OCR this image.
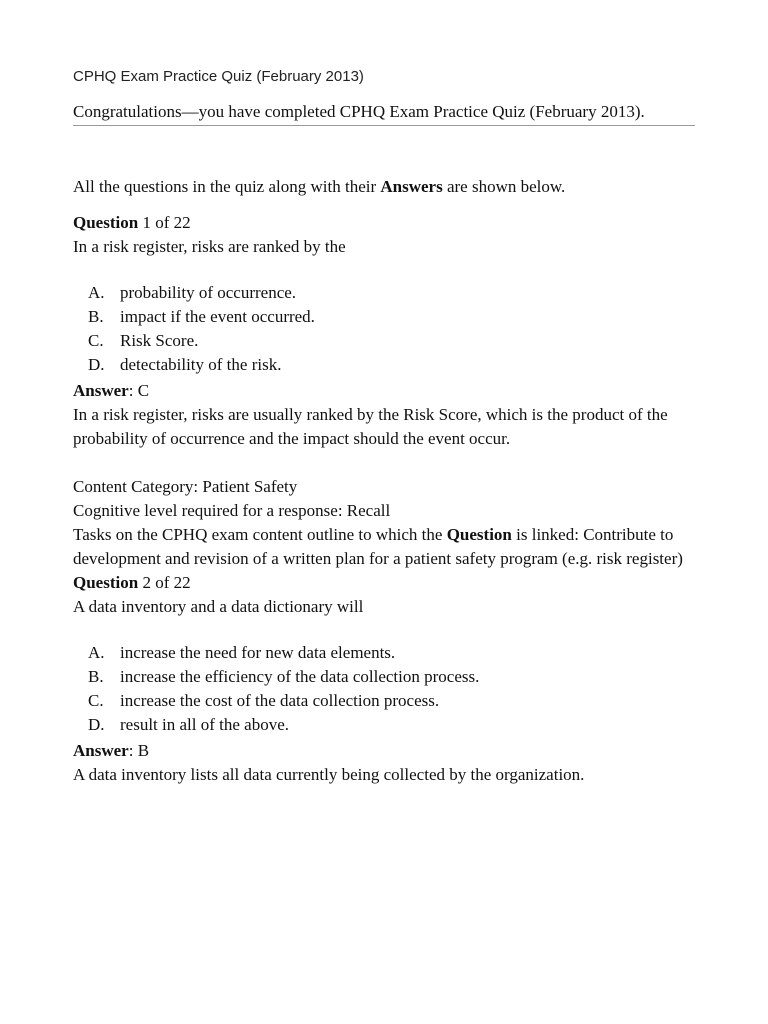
CPHQ Exam Practice Quiz (February 2013)

Congratulations—you have completed CPHQ Exam Practice Quiz (February 2013).

All the questions in the quiz along with their Answers are shown below.

Question 1 of 22

In a risk register, risks are ranked by the

A. probability of occurrence.
B. impact if the event occurred.
C. Risk Score.
D. detectability of the risk.

Answer: C

In a risk register, risks are usually ranked by the Risk Score, which is the product of the probability of occurrence and the impact should the event occur.

Content Category: Patient Safety

Cognitive level required for a response: Recall

Tasks on the CPHQ exam content outline to which the Question is linked: Contribute to development and revision of a written plan for a patient safety program (e.g. risk register)

Question 2 of 22

A data inventory and a data dictionary will

A. increase the need for new data elements.
B. increase the efficiency of the data collection process.
C. increase the cost of the data collection process.
D. result in all of the above.

Answer: B

A data inventory lists all data currently being collected by the organization.
